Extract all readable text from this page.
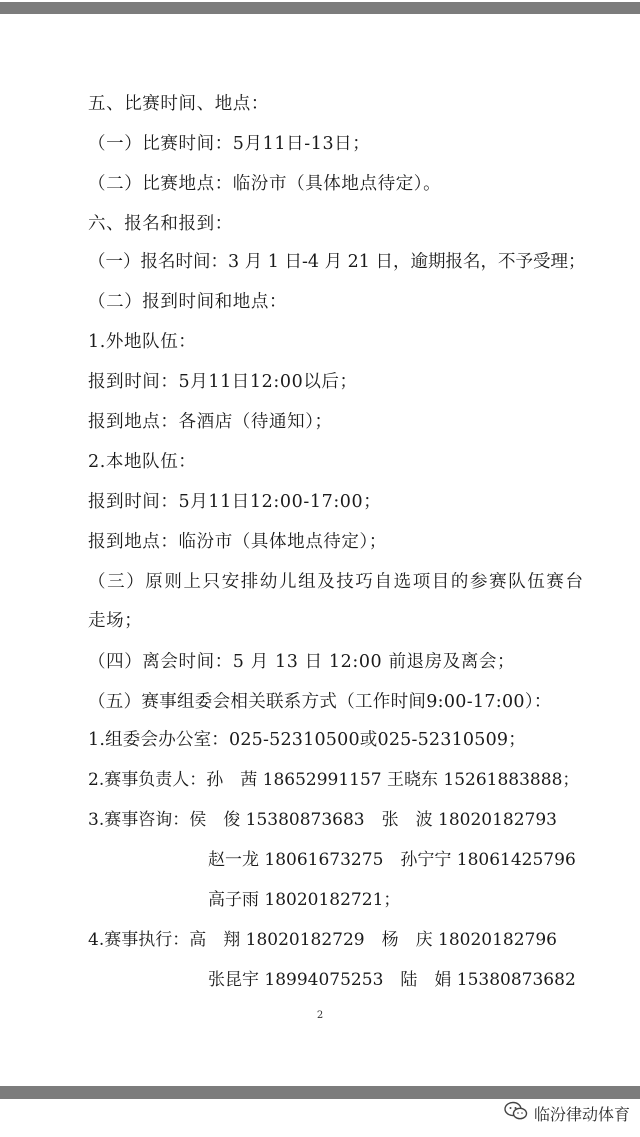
五、比赛时间、地点：
（一）比赛时间：5月11日-13日；
（二）比赛地点：临汾市（具体地点待定）。
六、报名和报到：
（一）报名时间：3 月 1 日-4 月 21 日，逾期报名，不予受理；
（二）报到时间和地点：
1.外地队伍：
报到时间：5月11日12:00以后；
报到地点：各酒店（待通知）；
2.本地队伍：
报到时间：5月11日12:00-17:00；
报到地点：临汾市（具体地点待定）；
（三）原则上只安排幼儿组及技巧自选项目的参赛队伍赛台
走场；
（四）离会时间：5 月 13 日 12:00 前退房及离会；
（五）赛事组委会相关联系方式（工作时间9:00-17:00）：
1.组委会办公室：025-52310500或025-52310509；
2.赛事负责人：孙　茜 18652991157 王晓东 15261883888；
3.赛事咨询：侯　俊 15380873683　张　波 18020182793
赵一龙 18061673275　孙宁宁 18061425796
高子雨 18020182721；
4.赛事执行：高　翔 18020182729　杨　庆 18020182796
张昆宇 18994075253　陆　娟 15380873682
2
临汾律动体育
